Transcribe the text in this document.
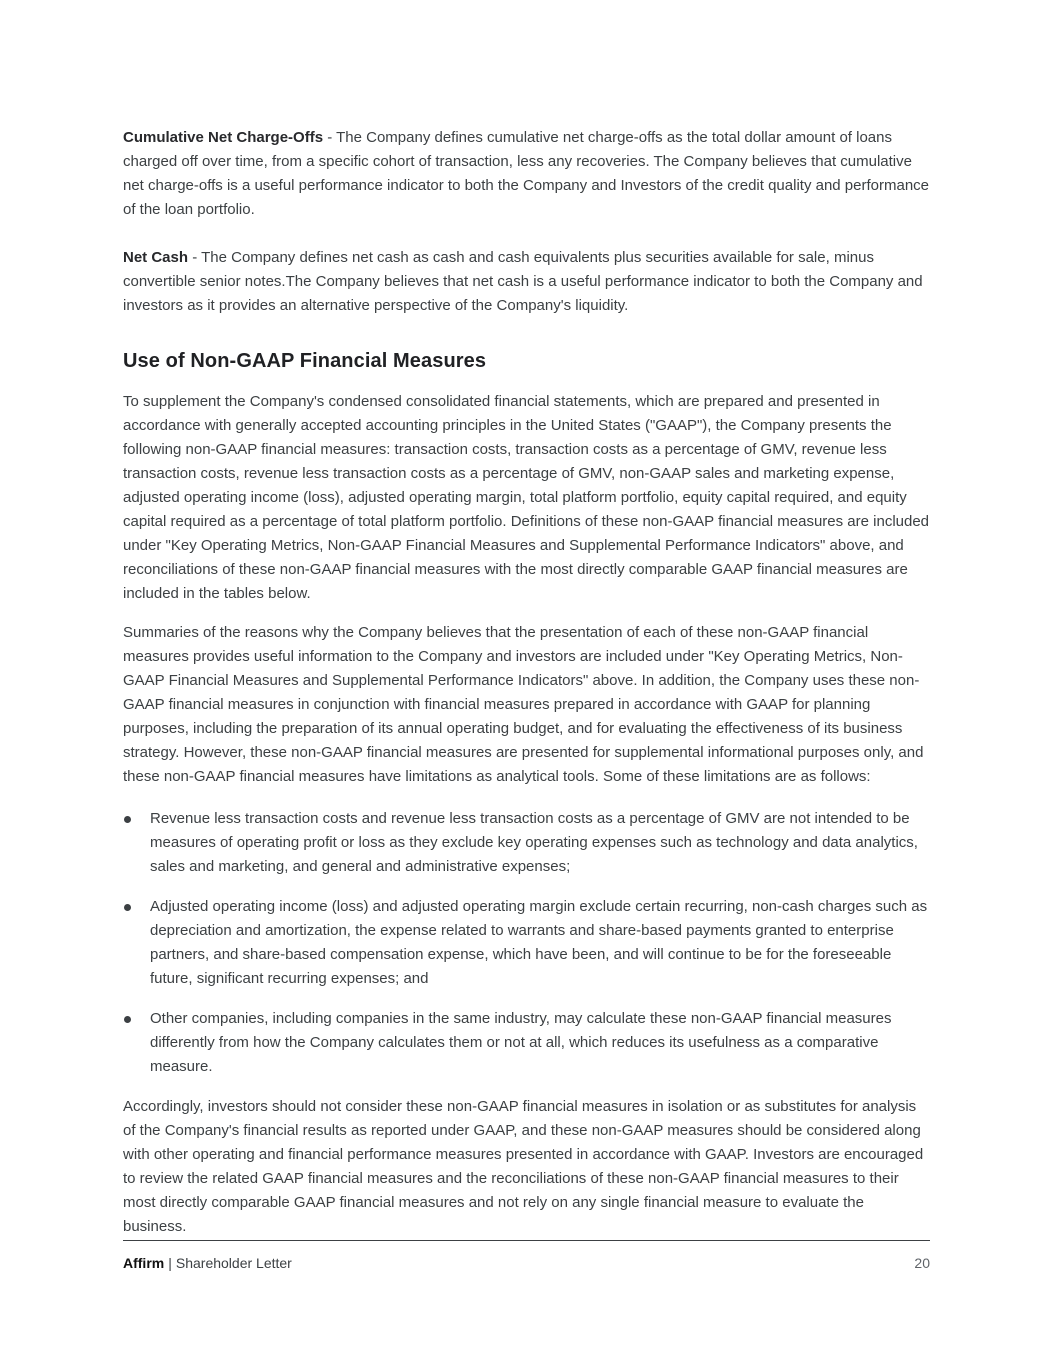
Cumulative Net Charge-Offs - The Company defines cumulative net charge-offs as the total dollar amount of loans charged off over time, from a specific cohort of transaction, less any recoveries. The Company believes that cumulative net charge-offs is a useful performance indicator to both the Company and Investors of the credit quality and performance of the loan portfolio.

Net Cash - The Company defines net cash as cash and cash equivalents plus securities available for sale, minus convertible senior notes.The Company believes that net cash is a useful performance indicator to both the Company and investors as it provides an alternative perspective of the Company's liquidity.

Use of Non-GAAP Financial Measures

To supplement the Company's condensed consolidated financial statements, which are prepared and presented in accordance with generally accepted accounting principles in the United States ("GAAP"), the Company presents the following non-GAAP financial measures: transaction costs, transaction costs as a percentage of GMV, revenue less transaction costs, revenue less transaction costs as a percentage of GMV, non-GAAP sales and marketing expense, adjusted operating income (loss), adjusted operating margin, total platform portfolio, equity capital required, and equity capital required as a percentage of total platform portfolio. Definitions of these non-GAAP financial measures are included under "Key Operating Metrics, Non-GAAP Financial Measures and Supplemental Performance Indicators" above, and reconciliations of these non-GAAP financial measures with the most directly comparable GAAP financial measures are included in the tables below.

Summaries of the reasons why the Company believes that the presentation of each of these non-GAAP financial measures provides useful information to the Company and investors are included under "Key Operating Metrics, Non-GAAP Financial Measures and Supplemental Performance Indicators" above. In addition, the Company uses these non-GAAP financial measures in conjunction with financial measures prepared in accordance with GAAP for planning purposes, including the preparation of its annual operating budget, and for evaluating the effectiveness of its business strategy. However, these non-GAAP financial measures are presented for supplemental informational purposes only, and these non-GAAP financial measures have limitations as analytical tools. Some of these limitations are as follows:

Revenue less transaction costs and revenue less transaction costs as a percentage of GMV are not intended to be measures of operating profit or loss as they exclude key operating expenses such as technology and data analytics, sales and marketing, and general and administrative expenses;
Adjusted operating income (loss) and adjusted operating margin exclude certain recurring, non-cash charges such as depreciation and amortization, the expense related to warrants and share-based payments granted to enterprise partners, and share-based compensation expense, which have been, and will continue to be for the foreseeable future, significant recurring expenses; and
Other companies, including companies in the same industry, may calculate these non-GAAP financial measures differently from how the Company calculates them or not at all, which reduces its usefulness as a comparative measure.

Accordingly, investors should not consider these non-GAAP financial measures in isolation or as substitutes for analysis of the Company's financial results as reported under GAAP, and these non-GAAP measures should be considered along with other operating and financial performance measures presented in accordance with GAAP. Investors are encouraged to review the related GAAP financial measures and the reconciliations of these non-GAAP financial measures to their most directly comparable GAAP financial measures and not rely on any single financial measure to evaluate the business.

Affirm | Shareholder Letter	20
